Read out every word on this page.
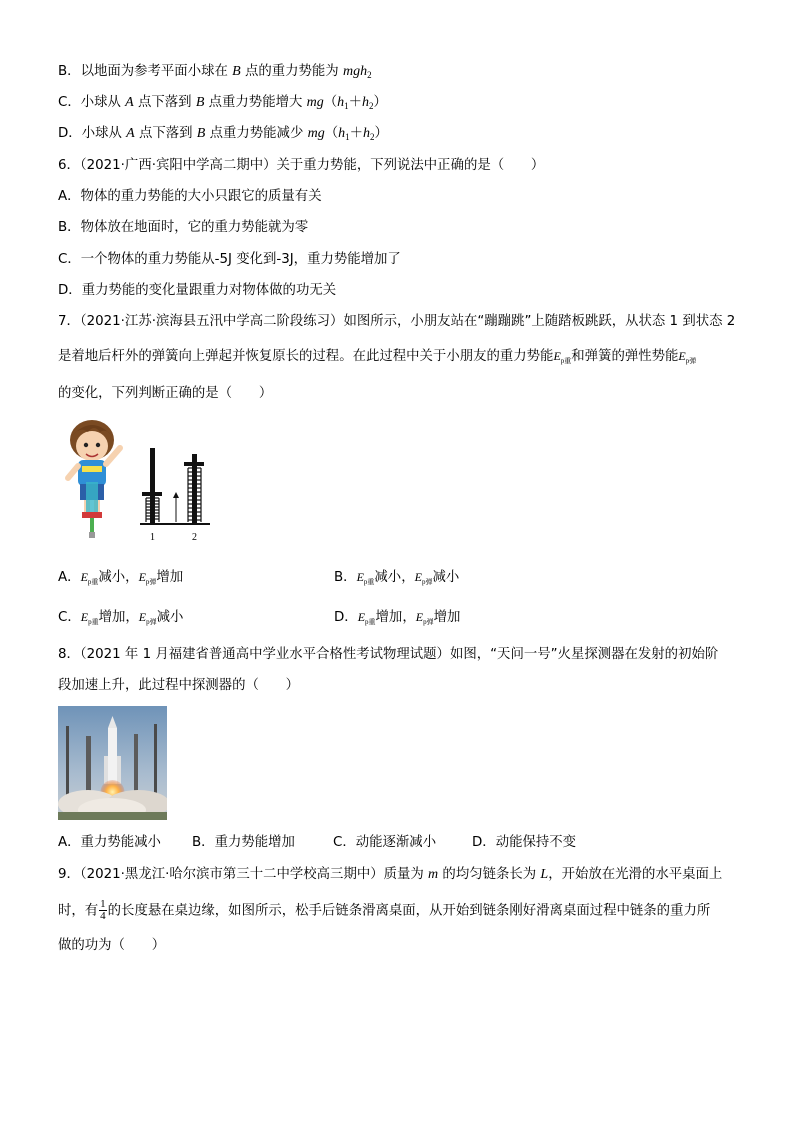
B．以地面为参考平面小球在 B 点的重力势能为 mgh$_2$
C．小球从 A 点下落到 B 点重力势能增大 $mg(h_1+h_2)$
D．小球从 A 点下落到 B 点重力势能减少 $mg(h_1+h_2)$
6．（2021·广西·宾阳中学高二期中）关于重力势能，下列说法中正确的是（　　）
A．物体的重力势能的大小只跟它的质量有关
B．物体放在地面时，它的重力势能就为零
C．一个物体的重力势能从-5J 变化到-3J，重力势能增加了
D．重力势能的变化量跟重力对物体做的功无关
7．（2021·江苏·滨海县五汛中学高二阶段练习）如图所示，小朋友站在“蹦蹦跳”上随踏板跳跃，从状态 1 到状态 2
是着地后杆外的弹簧向上弹起并恢复原长的过程。在此过程中关于小朋友的重力势能$E_{p重}$和弹簧的弹性势能$E_{p弹}$
的变化，下列判断正确的是（　　）
1	2
A．$E_{p重}$减小，$E_{p弹}$增加	B．$E_{p重}$减小，$E_{p弹}$减小
C．$E_{p重}$增加，$E_{p弹}$减小	D．$E_{p重}$增加，$E_{p弹}$增加
8．（2021 年 1 月福建省普通高中学业水平合格性考试物理试题）如图，“天问一号”火星探测器在发射的初始阶
段加速上升，此过程中探测器的（　　）
A．重力势能减小 B．重力势能增加	C．动能逐渐减小	D．动能保持不变
9．（2021·黑龙江·哈尔滨市第三十二中学校高三期中）质量为 m 的均匀链条长为 L，开始放在光滑的水平桌面上
时，有 $\frac{1}{4}$ 的长度悬在桌边缘，如图所示，松手后链条滑离桌面，从开始到链条刚好滑离桌面过程中链条的重力所
做的功为（　　）
